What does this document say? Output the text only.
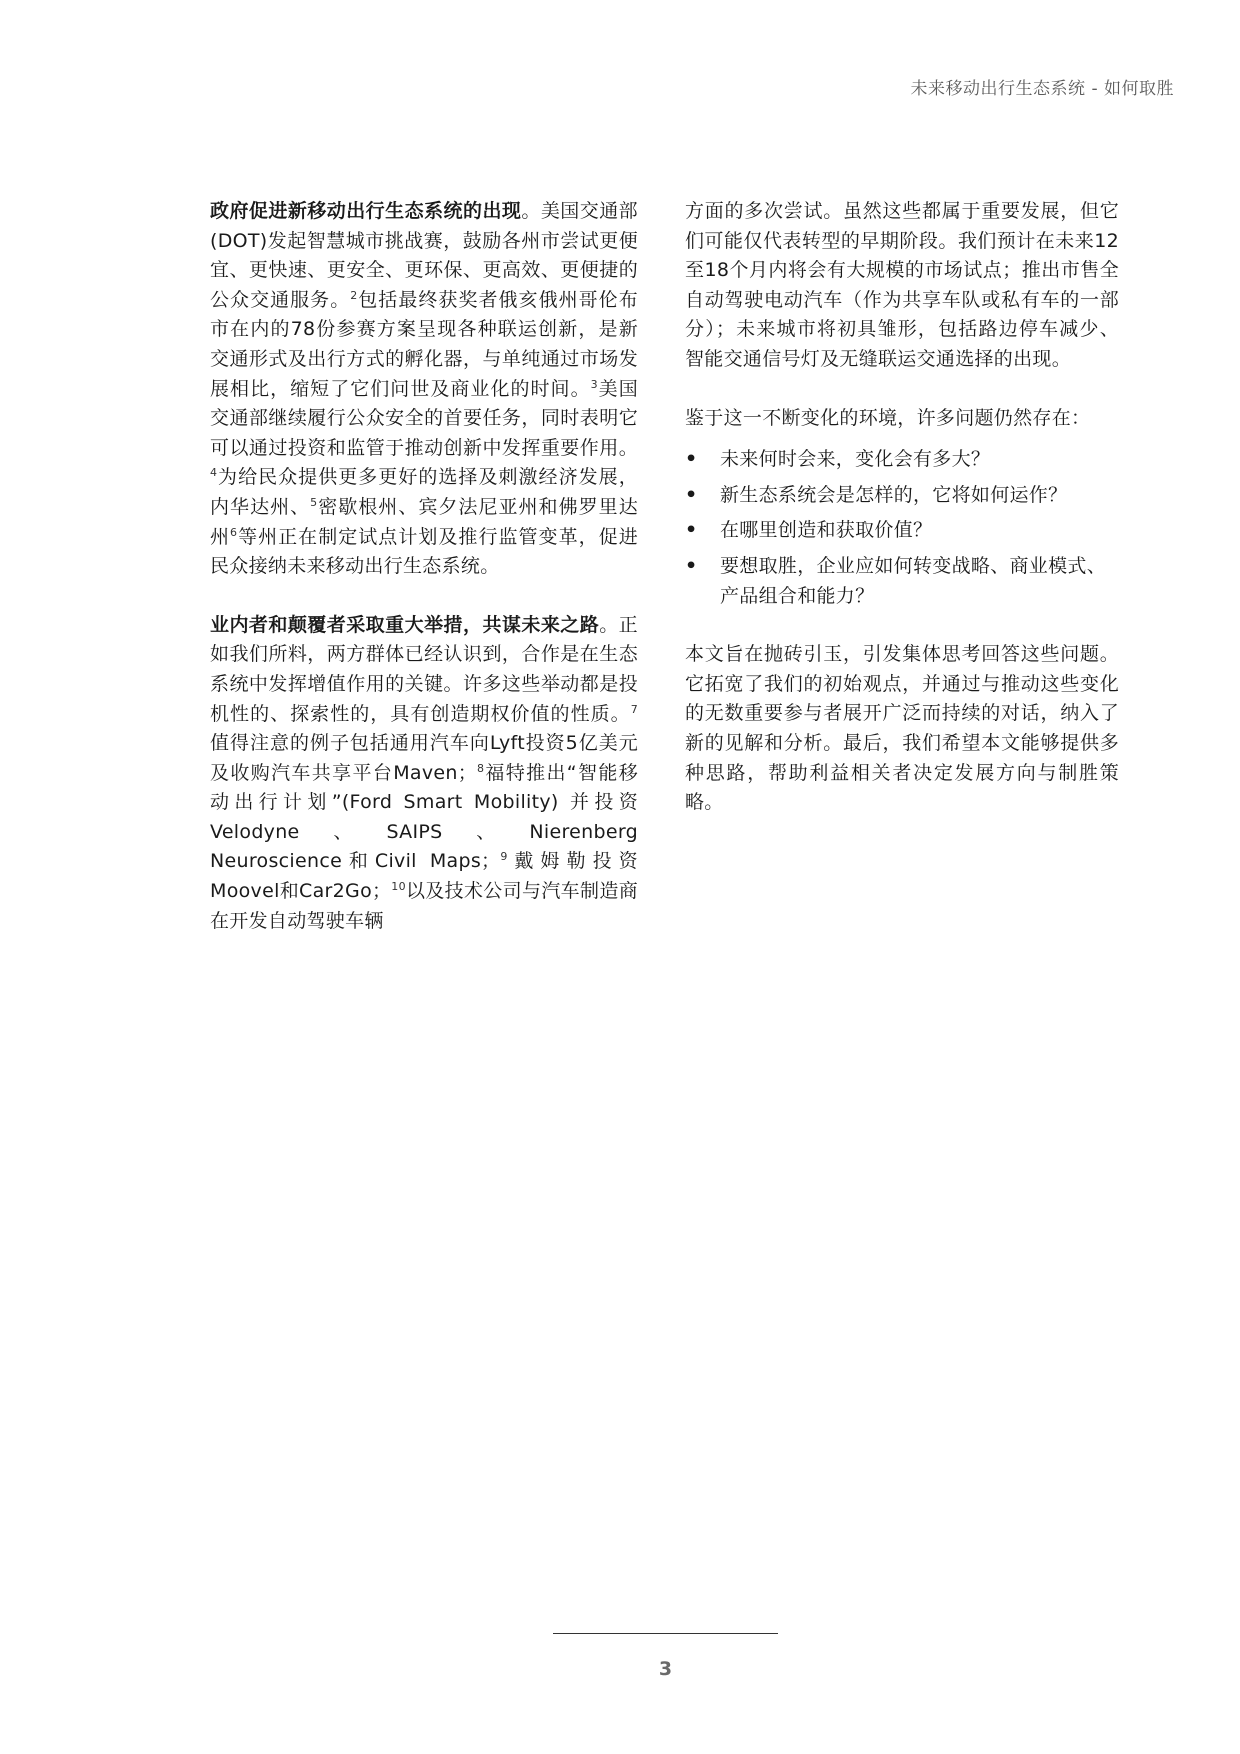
未来移动出行生态系统 - 如何取胜

政府促进新移动出行生态系统的出现。美国交通部(DOT)发起智慧城市挑战赛，鼓励各州市尝试更便宜、更快速、更安全、更环保、更高效、更便捷的公众交通服务。$^2$包括最终获奖者俄亥俄州哥伦布市在内的78份参赛方案呈现各种联运创新，是新交通形式及出行方式的孵化器，与单纯通过市场发展相比，缩短了它们问世及商业化的时间。$^3$美国交通部继续履行公众安全的首要任务，同时表明它可以通过投资和监管于推动创新中发挥重要作用。$^4$为给民众提供更多更好的选择及刺激经济发展，内华达州、$^5$密歇根州、宾夕法尼亚州和佛罗里达州$^6$等州正在制定试点计划及推行监管变革，促进民众接纳未来移动出行生态系统。

业内者和颠覆者采取重大举措，共谋未来之路。正如我们所料，两方群体已经认识到，合作是在生态系统中发挥增值作用的关键。许多这些举动都是投机性的、探索性的，具有创造期权价值的性质。$^7$值得注意的例子包括通用汽车向Lyft投资5亿美元及收购汽车共享平台Maven；$^8$福特推出“智能移动出行计划”(Ford Smart Mobility) 并投资Velodyne、SAIPS、Nierenberg Neuroscience和Civil Maps；$^9$戴姆勒投资Moovel和Car2Go；$^{10}$以及技术公司与汽车制造商在开发自动驾驶车辆

方面的多次尝试。虽然这些都属于重要发展，但它们可能仅代表转型的早期阶段。我们预计在未来12至18个月内将会有大规模的市场试点；推出市售全自动驾驶电动汽车（作为共享车队或私有车的一部分）；未来城市将初具雏形，包括路边停车减少、智能交通信号灯及无缝联运交通选择的出现。

鉴于这一不断变化的环境，许多问题仍然存在：

• 未来何时会来，变化会有多大？
• 新生态系统会是怎样的，它将如何运作？
• 在哪里创造和获取价值？
• 要想取胜，企业应如何转变战略、商业模式、产品组合和能力？

本文旨在抛砖引玉，引发集体思考回答这些问题。它拓宽了我们的初始观点，并通过与推动这些变化的无数重要参与者展开广泛而持续的对话，纳入了新的见解和分析。最后，我们希望本文能够提供多种思路，帮助利益相关者决定发展方向与制胜策略。

3
